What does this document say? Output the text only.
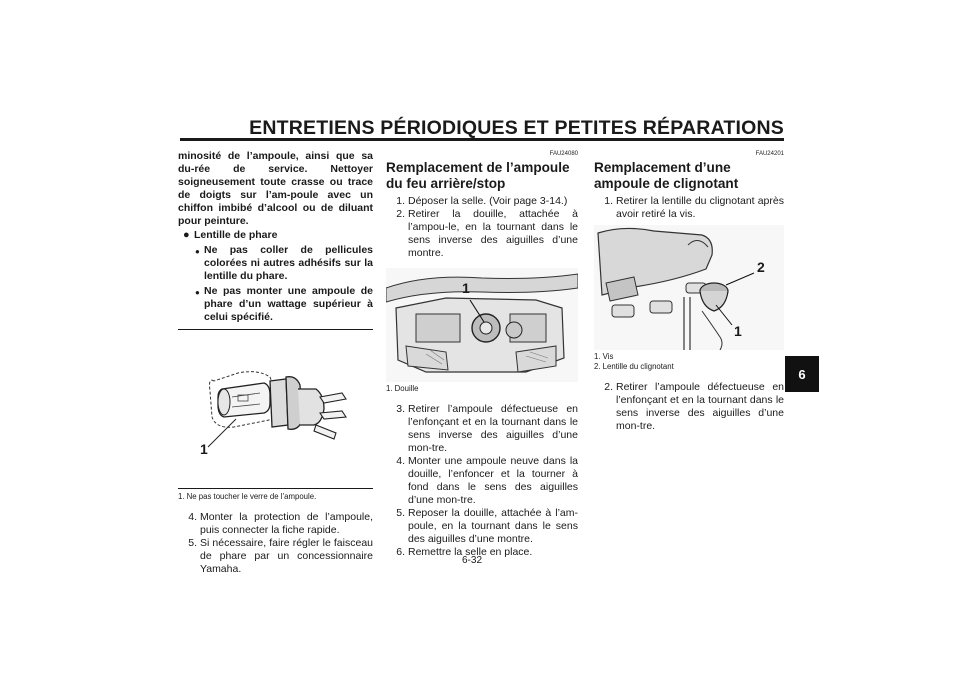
ENTRETIENS PÉRIODIQUES ET PETITES RÉPARATIONS
6
minosité de l’ampoule, ainsi que sa du-rée de service. Nettoyer soigneusement toute crasse ou trace de doigts sur l’am-poule avec un chiffon imbibé d’alcool ou de diluant pour peinture.
● Lentille de phare
● Ne pas coller de pellicules colorées ni autres adhésifs sur la lentille du phare.
● Ne pas monter une ampoule de phare d’un wattage supérieur à celui spécifié.
1
1. Ne pas toucher le verre de l’ampoule.
4. Monter la protection de l’ampoule, puis connecter la fiche rapide.
5. Si nécessaire, faire régler le faisceau de phare par un concessionnaire Yamaha.
FAU24080
Remplacement de l’ampoule du feu arrière/stop
1. Déposer la selle. (Voir page 3-14.)
2. Retirer la douille, attachée à l’ampou-le, en la tournant dans le sens inverse des aiguilles d’une montre.
1
1. Douille
3. Retirer l’ampoule défectueuse en l’enfonçant et en la tournant dans le sens inverse des aiguilles d’une mon-tre.
4. Monter une ampoule neuve dans la douille, l’enfoncer et la tourner à fond dans le sens des aiguilles d’une mon-tre.
5. Reposer la douille, attachée à l’am-poule, en la tournant dans le sens des aiguilles d’une montre.
6. Remettre la selle en place.
FAU24201
Remplacement d’une ampoule de clignotant
1. Retirer la lentille du clignotant après avoir retiré la vis.
2
1
1. Vis
2. Lentille du clignotant
2. Retirer l’ampoule défectueuse en l’enfonçant et en la tournant dans le sens inverse des aiguilles d’une mon-tre.
6-32
